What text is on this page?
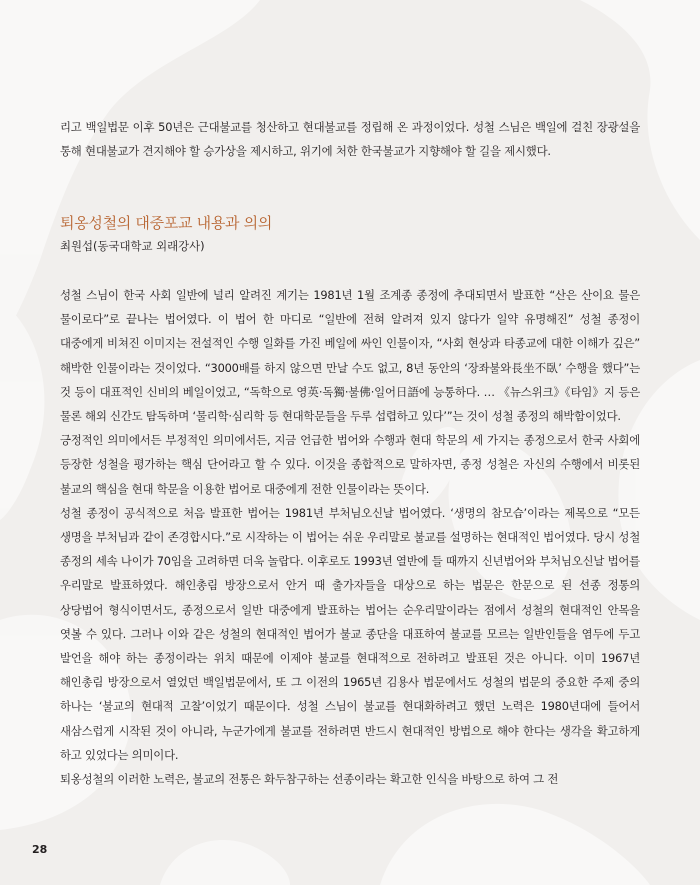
리고 백일법문 이후 50년은 근대불교를 청산하고 현대불교를 정립해 온 과정이었다. 성철 스님은 백일에 걸친 장광설을 통해 현대불교가 견지해야 할 승가상을 제시하고, 위기에 처한 한국불교가 지향해야 할 길을 제시했다.

퇴옹성철의 대중포교 내용과 의의
최원섭(동국대학교 외래강사)

성철 스님이 한국 사회 일반에 널리 알려진 계기는 1981년 1월 조계종 종정에 추대되면서 발표한 “산은 산이요 물은 물이로다”로 끝나는 법어였다. 이 법어 한 마디로 “일반에 전혀 알려져 있지 않다가 일약 유명해진” 성철 종정이 대중에게 비쳐진 이미지는 전설적인 수행 일화를 가진 베일에 싸인 인물이자, “사회 현상과 타종교에 대한 이해가 깊은” 해박한 인물이라는 것이었다. “3000배를 하지 않으면 만날 수도 없고, 8년 동안의 ‘장좌불와長坐不臥’ 수행을 했다”는 것 등이 대표적인 신비의 베일이었고, “독학으로 영英·독獨·불佛·일어日語에 능통하다. … 《뉴스위크》《타임》지 등은 물론 해외 신간도 탐독하며 ‘물리학·심리학 등 현대학문들을 두루 섭렵하고 있다’”는 것이 성철 종정의 해박함이었다.

긍정적인 의미에서든 부정적인 의미에서든, 지금 언급한 법어와 수행과 현대 학문의 세 가지는 종정으로서 한국 사회에 등장한 성철을 평가하는 핵심 단어라고 할 수 있다. 이것을 종합적으로 말하자면, 종정 성철은 자신의 수행에서 비롯된 불교의 핵심을 현대 학문을 이용한 법어로 대중에게 전한 인물이라는 뜻이다.

성철 종정이 공식적으로 처음 발표한 법어는 1981년 부처님오신날 법어였다. ‘생명의 참모습’이라는 제목으로 “모든 생명을 부처님과 같이 존경합시다.”로 시작하는 이 법어는 쉬운 우리말로 불교를 설명하는 현대적인 법어였다. 당시 성철 종정의 세속 나이가 70임을 고려하면 더욱 놀랍다. 이후로도 1993년 열반에 들 때까지 신년법어와 부처님오신날 법어를 우리말로 발표하였다. 해인총림 방장으로서 안거 때 출가자들을 대상으로 하는 법문은 한문으로 된 선종 정통의 상당법어 형식이면서도, 종정으로서 일반 대중에게 발표하는 법어는 순우리말이라는 점에서 성철의 현대적인 안목을 엿볼 수 있다. 그러나 이와 같은 성철의 현대적인 법어가 불교 종단을 대표하여 불교를 모르는 일반인들을 염두에 두고 발언을 해야 하는 종정이라는 위치 때문에 이제야 불교를 현대적으로 전하려고 발표된 것은 아니다. 이미 1967년 해인총림 방장으로서 열었던 백일법문에서, 또 그 이전의 1965년 김용사 법문에서도 성철의 법문의 중요한 주제 중의 하나는 ‘불교의 현대적 고찰’이었기 때문이다. 성철 스님이 불교를 현대화하려고 했던 노력은 1980년대에 들어서 새삼스럽게 시작된 것이 아니라, 누군가에게 불교를 전하려면 반드시 현대적인 방법으로 해야 한다는 생각을 확고하게 하고 있었다는 의미이다.

퇴옹성철의 이러한 노력은, 불교의 전통은 화두참구하는 선종이라는 확고한 인식을 바탕으로 하여 그 전

28
